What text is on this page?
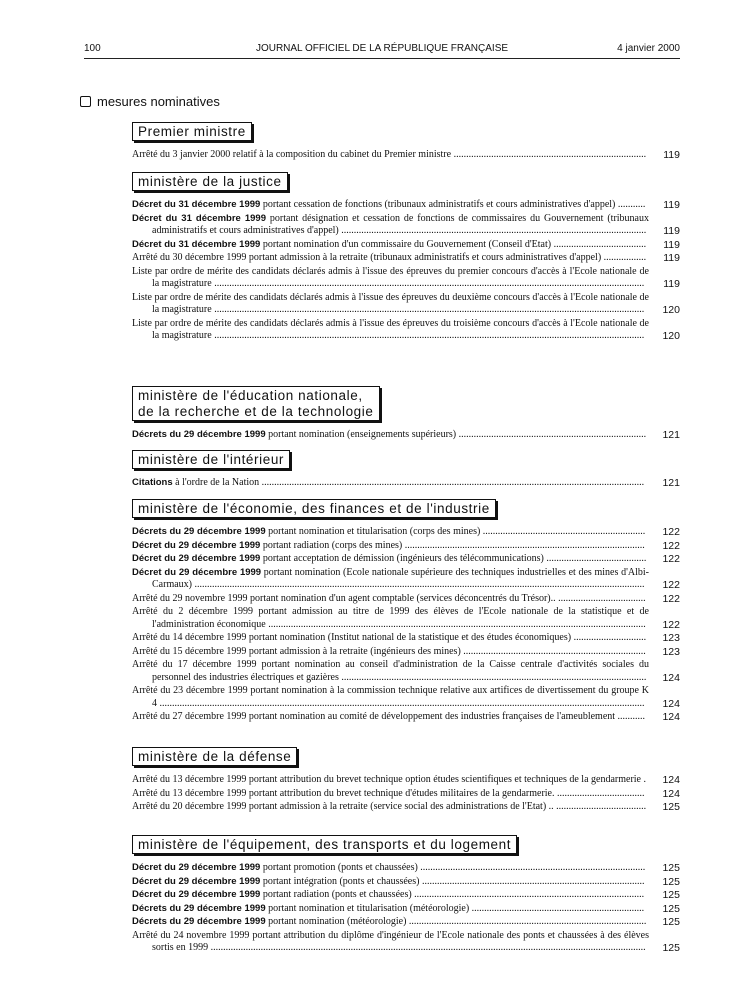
100	JOURNAL OFFICIEL DE LA RÉPUBLIQUE FRANÇAISE	4 janvier 2000
mesures nominatives
Premier ministre
Arrêté du 3 janvier 2000 relatif à la composition du cabinet du Premier ministre ............................................................................. 119
ministère de la justice
Décret du 31 décembre 1999 portant cessation de fonctions (tribunaux administratifs et cours administratives d'appel) ...........	119
Décret du 31 décembre 1999 portant désignation et cessation de fonctions de commissaires du Gouvernement (tribunaux administratifs et cours administratives d'appel) .......................................................................................................................... 119
Décret du 31 décembre 1999 portant nomination d'un commissaire du Gouvernement (Conseil d'Etat) ..................................... 119
Arrêté du 30 décembre 1999 portant admission à la retraite (tribunaux administratifs et cours administratives d'appel) ................. 119
Liste par ordre de mérite des candidats déclarés admis à l'issue des épreuves du premier concours d'accès à l'Ecole nationale de la magistrature ............................................................................................................................................................................	119
Liste par ordre de mérite des candidats déclarés admis à l'issue des épreuves du deuxième concours d'accès à l'Ecole nationale de la magistrature ............................................................................................................................................................................	120
Liste par ordre de mérite des candidats déclarés admis à l'issue des épreuves du troisième concours d'accès à l'Ecole nationale de la magistrature ............................................................................................................................................................................	120
ministère de l'éducation nationale,
de la recherche et de la technologie
Décrets du 29 décembre 1999 portant nomination (enseignements supérieurs) ........................................................................... 121
ministère de l'intérieur
Citations à l'ordre de la Nation .........................................................................................................................................................	121
ministère de l'économie, des finances et de l'industrie
Décrets du 29 décembre 1999 portant nomination et titularisation (corps des mines) .................................................................	122
Décret du 29 décembre 1999 portant radiation (corps des mines) ................................................................................................	122
Décret du 29 décembre 1999 portant acceptation de démission (ingénieurs des télécommunications) ........................................ 122
Décret du 29 décembre 1999 portant nomination (Ecole nationale supérieure des techniques industrielles et des mines d'Albi-Carmaux) ....................................................................................................................................................................................	122
Arrêté du 29 novembre 1999 portant nomination d'un agent comptable (services déconcentrés du Trésor).. ...................................	122
Arrêté du 2 décembre 1999 portant admission au titre de 1999 des élèves de l'Ecole nationale de la statistique et de l'administration économique .......................................................................................................................................................	122
Arrêté du 14 décembre 1999 portant nomination (Institut national de la statistique et des études économiques) ............................. 123
Arrêté du 15 décembre 1999 portant admission à la retraite (ingénieurs des mines) .........................................................................	123
Arrêté du 17 décembre 1999 portant nomination au conseil d'administration de la Caisse centrale d'activités sociales du personnel des industries électriques et gazières .......................................................................................................................... 124
Arrêté du 23 décembre 1999 portant nomination à la commission technique relative aux artifices de divertissement du groupe K 4 ..................................................................................................................................................................................................	124
Arrêté du 27 décembre 1999 portant nomination au comité de développement des industries françaises de l'ameublement ...........	124
ministère de la défense
Arrêté du 13 décembre 1999 portant attribution du brevet technique option études scientifiques et techniques de la gendarmerie . 124
Arrêté du 13 décembre 1999 portant attribution du brevet technique d'études militaires de la gendarmerie. ...................................	124
Arrêté du 20 décembre 1999 portant admission à la retraite (service social des administrations de l'Etat) .. .................................... 125
ministère de l'équipement, des transports et du logement
Décret du 29 décembre 1999 portant promotion (ponts et chaussées) ..........................................................................................	125
Décret du 29 décembre 1999 portant intégration (ponts et chaussées) .........................................................................................	125
Décret du 29 décembre 1999 portant radiation (ponts et chaussées) ............................................................................................	125
Décrets du 29 décembre 1999 portant nomination et titularisation (météorologie) .....................................................................	125
Décrets du 29 décembre 1999 portant nomination (météorologie) ............................................................................................... 125
Arrêté du 24 novembre 1999 portant attribution du diplôme d'ingénieur de l'Ecole nationale des ponts et chaussées à des élèves sortis en 1999 ..............................................................................................................................................................................	125
